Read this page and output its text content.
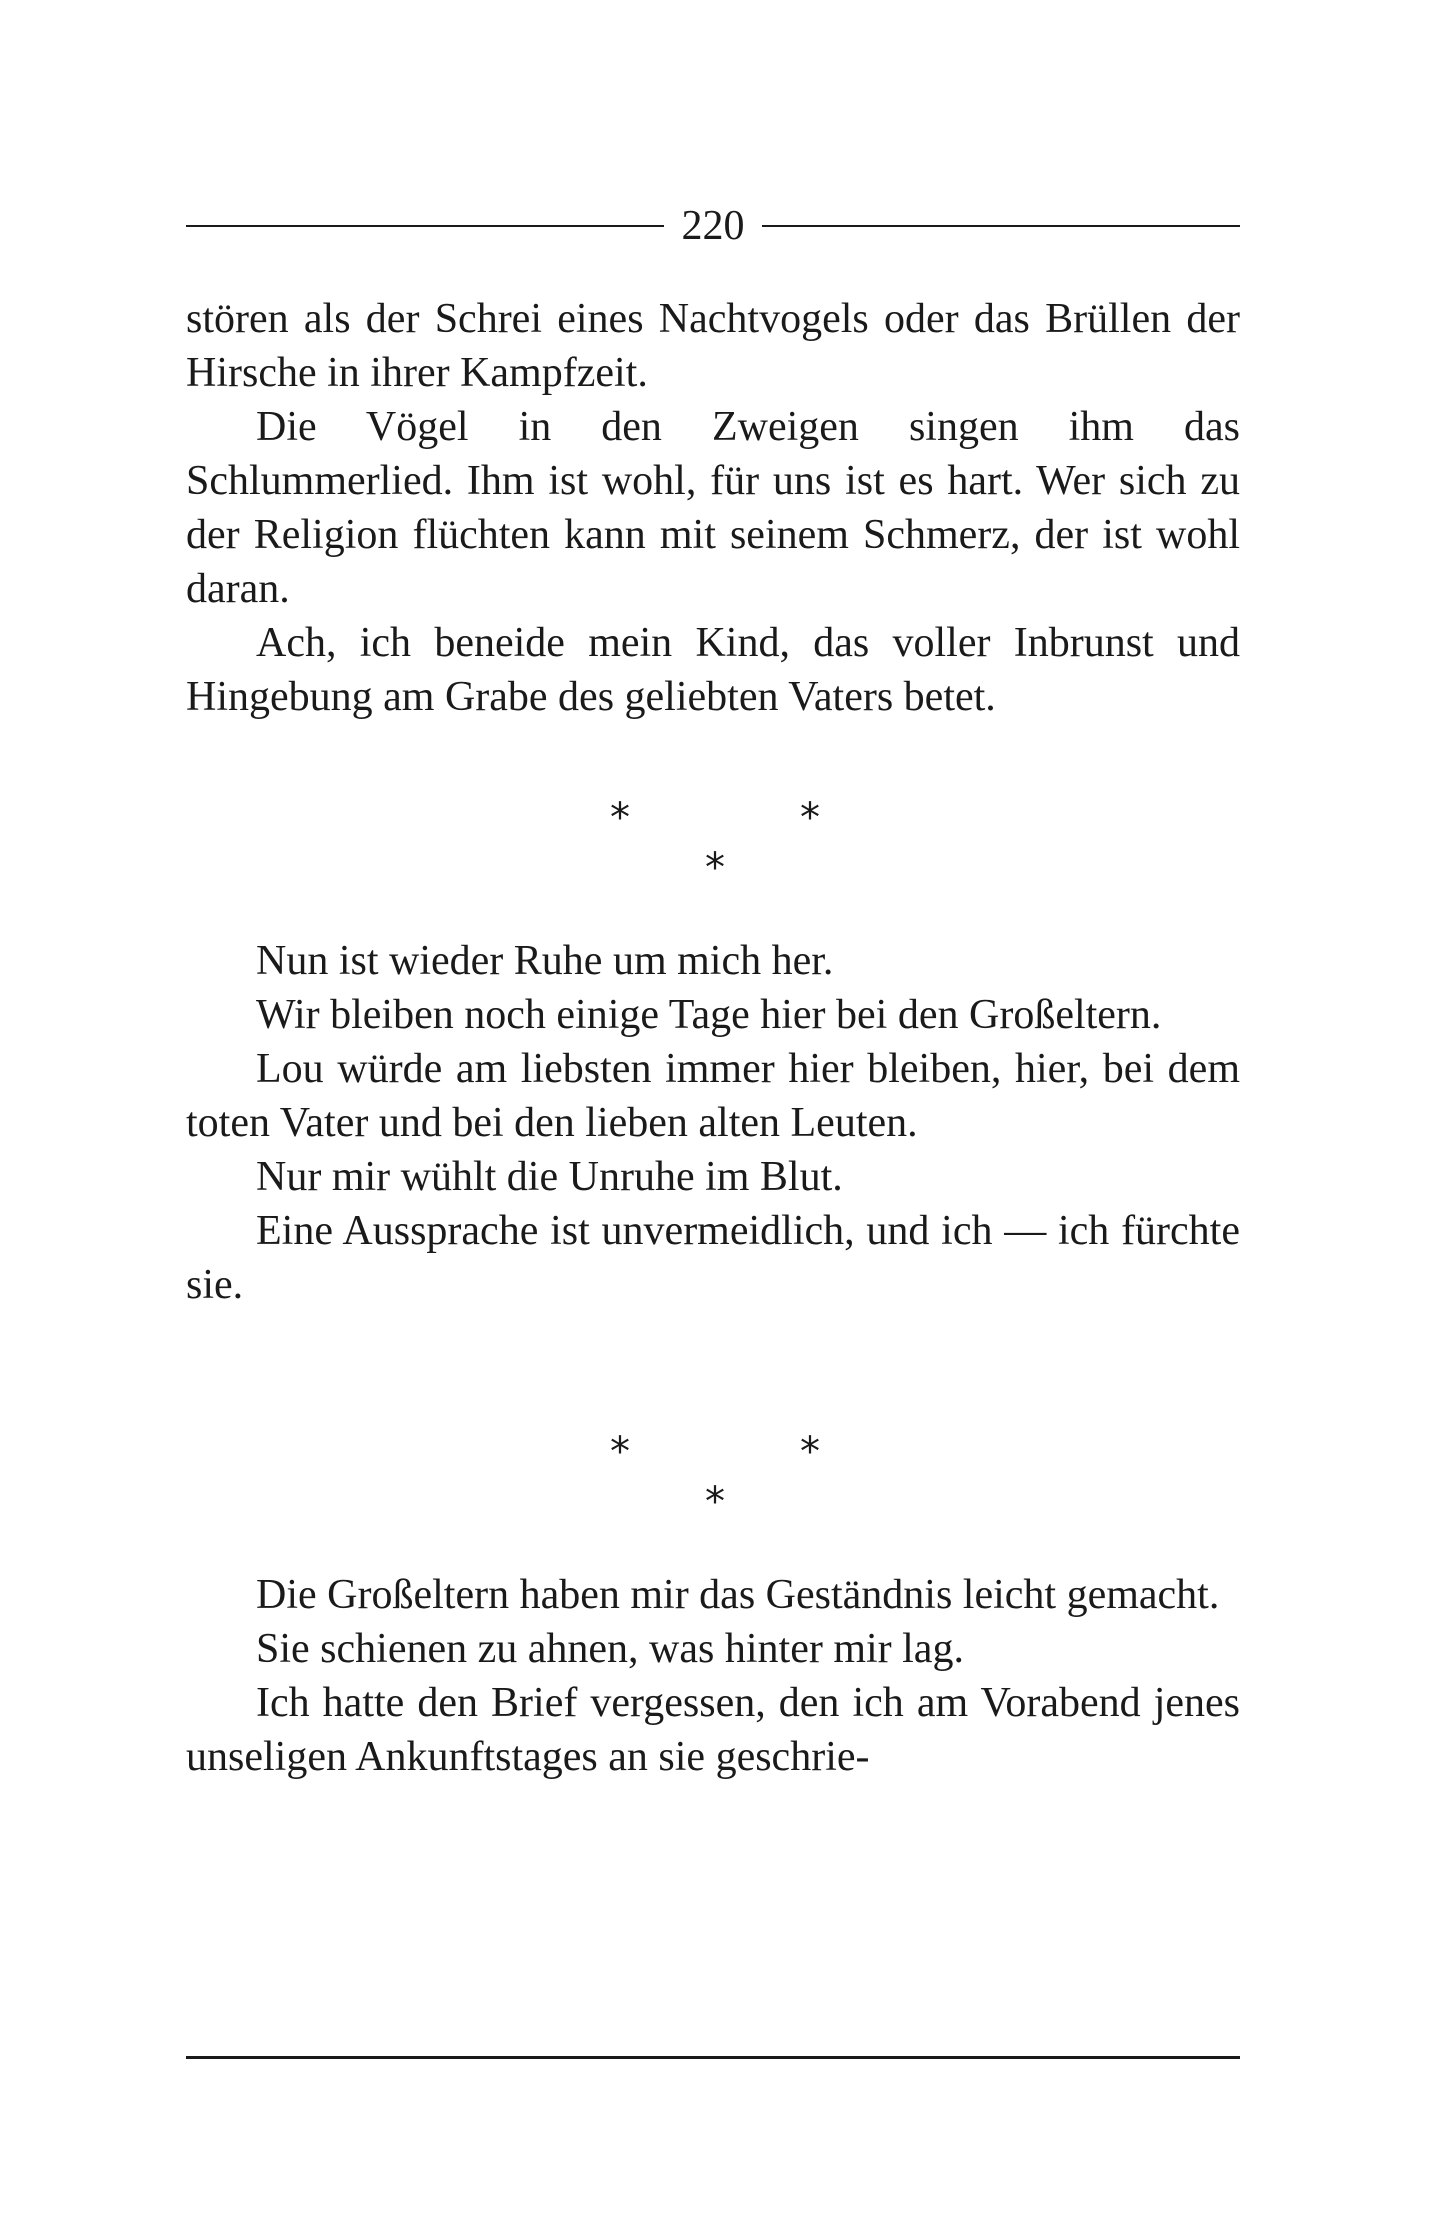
220

stören als der Schrei eines Nachtvogels oder das Brüllen der Hirsche in ihrer Kampfzeit.

Die Vögel in den Zweigen singen ihm das Schlummerlied. Ihm ist wohl, für uns ist es hart. Wer sich zu der Religion flüchten kann mit seinem Schmerz, der ist wohl daran.

Ach, ich beneide mein Kind, das voller Inbrunst und Hingebung am Grabe des geliebten Vaters betet.

*	*
*

Nun ist wieder Ruhe um mich her.

Wir bleiben noch einige Tage hier bei den Großeltern.

Lou würde am liebsten immer hier bleiben, hier, bei dem toten Vater und bei den lieben alten Leuten.

Nur mir wühlt die Unruhe im Blut.

Eine Aussprache ist unvermeidlich, und ich — ich fürchte sie.

*	*
*

Die Großeltern haben mir das Geständnis leicht gemacht.

Sie schienen zu ahnen, was hinter mir lag.

Ich hatte den Brief vergessen, den ich am Vorabend jenes unseligen Ankunftstages an sie geschrie-
